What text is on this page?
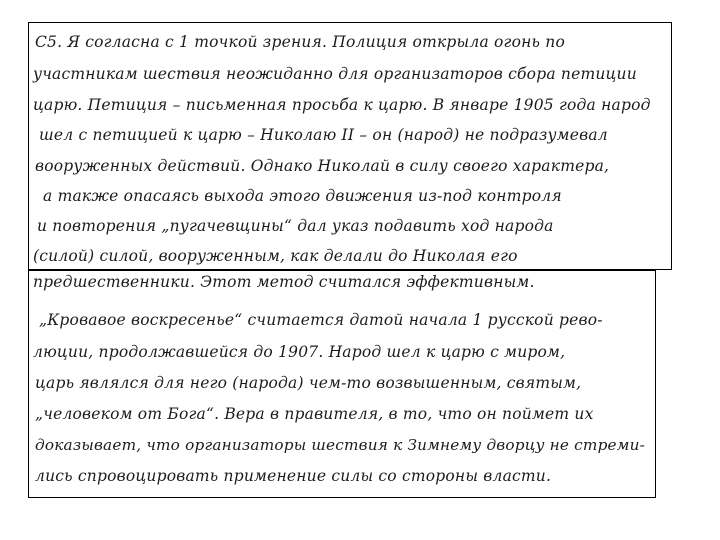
С5. Я согласна с 1 точкой зрения. Полиция открыла огонь по
участникам шествия неожиданно для организаторов сбора петиции
царю. Петиция – письменная просьба к царю. В январе 1905 года народ
шел с петицией к царю – Николаю II – он (народ) не подразумевал
вооруженных действий. Однако Николай в силу своего характера,
а также опасаясь выхода этого движения из-под контроля
и повторения „пугачевщины“ дал указ подавить ход народа
(силой) силой, вооруженным, как делали до Николая его
предшественники. Этот метод считался эффективным.
„Кровавое воскресенье“ считается датой начала 1 русской рево-
люции, продолжавшейся до 1907. Народ шел к царю с миром,
царь являлся для него (народа) чем-то возвышенным, святым,
„человеком от Бога“. Вера в правителя, в то, что он поймет их
доказывает, что организаторы шествия к Зимнему дворцу не стреми-
лись спровоцировать применение силы со стороны власти.
